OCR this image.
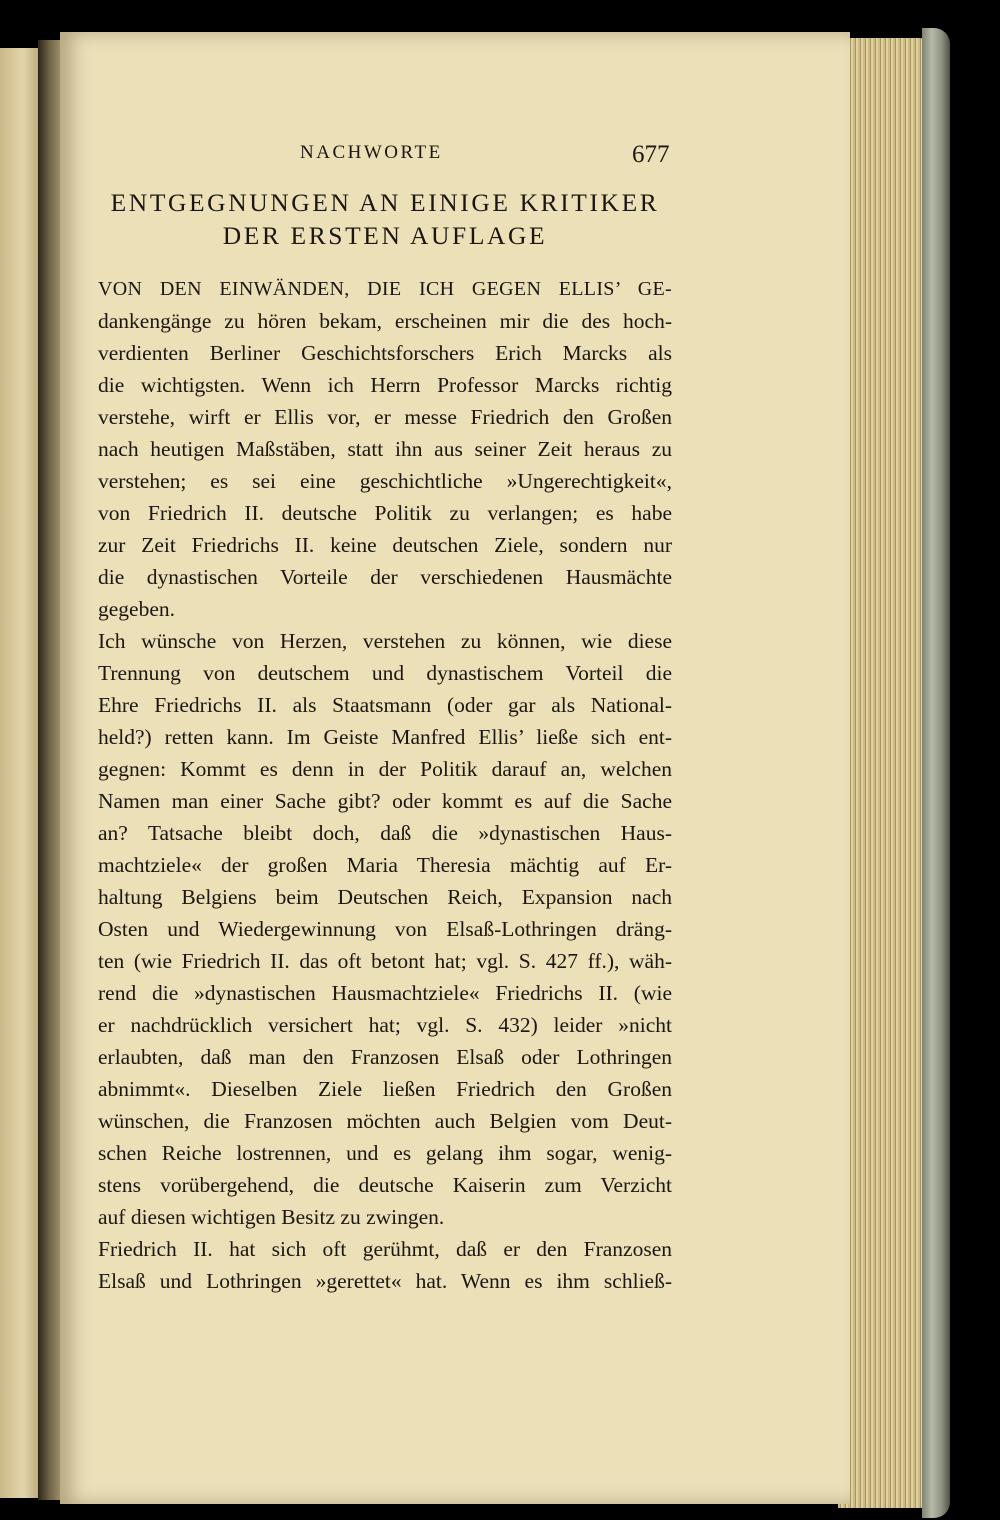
NACHWORTE	677
ENTGEGNUNGEN AN EINIGE KRITIKER
DER ERSTEN AUFLAGE
VON DEN EINWÄNDEN, DIE ICH GEGEN ELLIS’ GE-
dankengänge zu hören bekam, erscheinen mir die des hoch-
verdienten Berliner Geschichtsforschers Erich Marcks als
die wichtigsten. Wenn ich Herrn Professor Marcks richtig
verstehe, wirft er Ellis vor, er messe Friedrich den Großen
nach heutigen Maßstäben, statt ihn aus seiner Zeit heraus zu
verstehen; es sei eine geschichtliche »Ungerechtigkeit«,
von Friedrich II. deutsche Politik zu verlangen; es habe
zur Zeit Friedrichs II. keine deutschen Ziele, sondern nur
die dynastischen Vorteile der verschiedenen Hausmächte
gegeben.
Ich wünsche von Herzen, verstehen zu können, wie diese
Trennung von deutschem und dynastischem Vorteil die
Ehre Friedrichs II. als Staatsmann (oder gar als National-
held?) retten kann. Im Geiste Manfred Ellis’ ließe sich ent-
gegnen: Kommt es denn in der Politik darauf an, welchen
Namen man einer Sache gibt? oder kommt es auf die Sache
an? Tatsache bleibt doch, daß die »dynastischen Haus-
machtziele« der großen Maria Theresia mächtig auf Er-
haltung Belgiens beim Deutschen Reich, Expansion nach
Osten und Wiedergewinnung von Elsaß-Lothringen dräng-
ten (wie Friedrich II. das oft betont hat; vgl. S. 427 ff.), wäh-
rend die »dynastischen Hausmachtziele« Friedrichs II. (wie
er nachdrücklich versichert hat; vgl. S. 432) leider »nicht
erlaubten, daß man den Franzosen Elsaß oder Lothringen
abnimmt«. Dieselben Ziele ließen Friedrich den Großen
wünschen, die Franzosen möchten auch Belgien vom Deut-
schen Reiche lostrennen, und es gelang ihm sogar, wenig-
stens vorübergehend, die deutsche Kaiserin zum Verzicht
auf diesen wichtigen Besitz zu zwingen.
Friedrich II. hat sich oft gerühmt, daß er den Franzosen
Elsaß und Lothringen »gerettet« hat. Wenn es ihm schließ-
